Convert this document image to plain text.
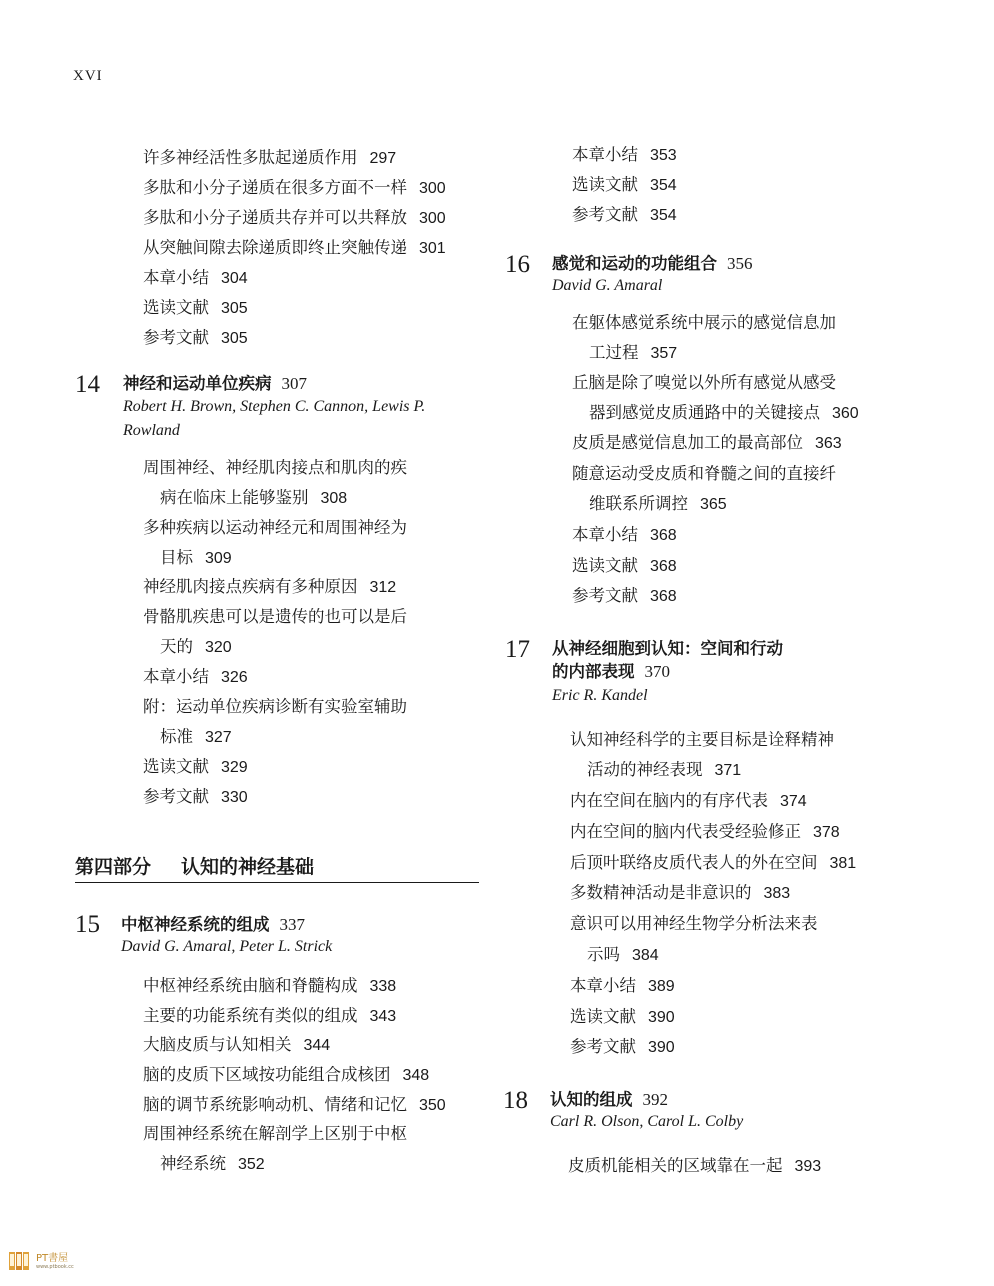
XVI
许多神经活性多肽起递质作用 297
多肽和小分子递质在很多方面不一样 300
多肽和小分子递质共存并可以共释放 300
从突触间隙去除递质即终止突触传递 301
本章小结 304
选读文献 305
参考文献 305
14 神经和运动单位疾病 307
Robert H. Brown, Stephen C. Cannon, Lewis P.
Rowland
周围神经、神经肌肉接点和肌肉的疾
病在临床上能够鉴别 308
多种疾病以运动神经元和周围神经为
目标 309
神经肌肉接点疾病有多种原因 312
骨骼肌疾患可以是遗传的也可以是后
天的 320
本章小结 326
附：运动单位疾病诊断有实验室辅助
标准 327
选读文献 329
参考文献 330
第四部分 认知的神经基础
15 中枢神经系统的组成 337
David G. Amaral, Peter L. Strick
中枢神经系统由脑和脊髓构成 338
主要的功能系统有类似的组成 343
大脑皮质与认知相关 344
脑的皮质下区域按功能组合成核团 348
脑的调节系统影响动机、情绪和记忆 350
周围神经系统在解剖学上区别于中枢
神经系统 352
本章小结 353
选读文献 354
参考文献 354
16 感觉和运动的功能组合 356
David G. Amaral
在躯体感觉系统中展示的感觉信息加
工过程 357
丘脑是除了嗅觉以外所有感觉从感受
器到感觉皮质通路中的关键接点 360
皮质是感觉信息加工的最高部位 363
随意运动受皮质和脊髓之间的直接纤
维联系所调控 365
本章小结 368
选读文献 368
参考文献 368
17 从神经细胞到认知：空间和行动
的内部表现 370
Eric R. Kandel
认知神经科学的主要目标是诠释精神
活动的神经表现 371
内在空间在脑内的有序代表 374
内在空间的脑内代表受经验修正 378
后顶叶联络皮质代表人的外在空间 381
多数精神活动是非意识的 383
意识可以用神经生物学分析法来表
示吗 384
本章小结 389
选读文献 390
参考文献 390
18 认知的组成 392
Carl R. Olson, Carol L. Colby
皮质机能相关的区域靠在一起 393
PT書屋
www.ptbook.cc
